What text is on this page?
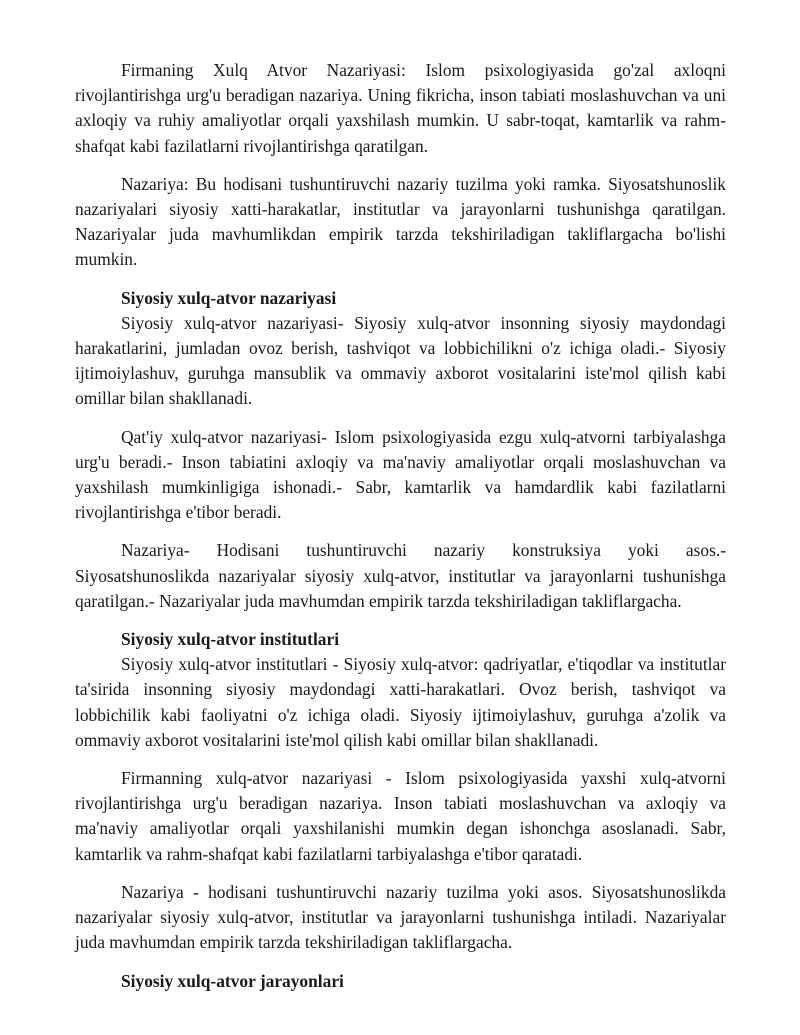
Firmaning Xulq Atvor Nazariyasi: Islom psixologiyasida go'zal axloqni rivojlantirishga urg'u beradigan nazariya. Uning fikricha, inson tabiati moslashuvchan va uni axloqiy va ruhiy amaliyotlar orqali yaxshilash mumkin. U sabr-toqat, kamtarlik va rahm-shafqat kabi fazilatlarni rivojlantirishga qaratilgan.

Nazariya: Bu hodisani tushuntiruvchi nazariy tuzilma yoki ramka. Siyosatshunoslik nazariyalari siyosiy xatti-harakatlar, institutlar va jarayonlarni tushunishga qaratilgan. Nazariyalar juda mavhumlikdan empirik tarzda tekshiriladigan takliflargacha bo'lishi mumkin.

Siyosiy xulq-atvor nazariyasi

Siyosiy xulq-atvor nazariyasi- Siyosiy xulq-atvor insonning siyosiy maydondagi harakatlarini, jumladan ovoz berish, tashviqot va lobbichilikni o'z ichiga oladi.- Siyosiy ijtimoiylashuv, guruhga mansublik va ommaviy axborot vositalarini iste'mol qilish kabi omillar bilan shakllanadi.

Qat'iy xulq-atvor nazariyasi- Islom psixologiyasida ezgu xulq-atvorni tarbiyalashga urg'u beradi.- Inson tabiatini axloqiy va ma'naviy amaliyotlar orqali moslashuvchan va yaxshilash mumkinligiga ishonadi.- Sabr, kamtarlik va hamdardlik kabi fazilatlarni rivojlantirishga e'tibor beradi.

Nazariya- Hodisani tushuntiruvchi nazariy konstruksiya yoki asos.- Siyosatshunoslikda nazariyalar siyosiy xulq-atvor, institutlar va jarayonlarni tushunishga qaratilgan.- Nazariyalar juda mavhumdan empirik tarzda tekshiriladigan takliflargacha.

Siyosiy xulq-atvor institutlari

Siyosiy xulq-atvor institutlari - Siyosiy xulq-atvor: qadriyatlar, e'tiqodlar va institutlar ta'sirida insonning siyosiy maydondagi xatti-harakatlari. Ovoz berish, tashviqot va lobbichilik kabi faoliyatni o'z ichiga oladi. Siyosiy ijtimoiylashuv, guruhga a'zolik va ommaviy axborot vositalarini iste'mol qilish kabi omillar bilan shakllanadi.

Firmanning xulq-atvor nazariyasi - Islom psixologiyasida yaxshi xulq-atvorni rivojlantirishga urg'u beradigan nazariya. Inson tabiati moslashuvchan va axloqiy va ma'naviy amaliyotlar orqali yaxshilanishi mumkin degan ishonchga asoslanadi. Sabr, kamtarlik va rahm-shafqat kabi fazilatlarni tarbiyalashga e'tibor qaratadi.

Nazariya - hodisani tushuntiruvchi nazariy tuzilma yoki asos. Siyosatshunoslikda nazariyalar siyosiy xulq-atvor, institutlar va jarayonlarni tushunishga intiladi. Nazariyalar juda mavhumdan empirik tarzda tekshiriladigan takliflargacha.

Siyosiy xulq-atvor jarayonlari
